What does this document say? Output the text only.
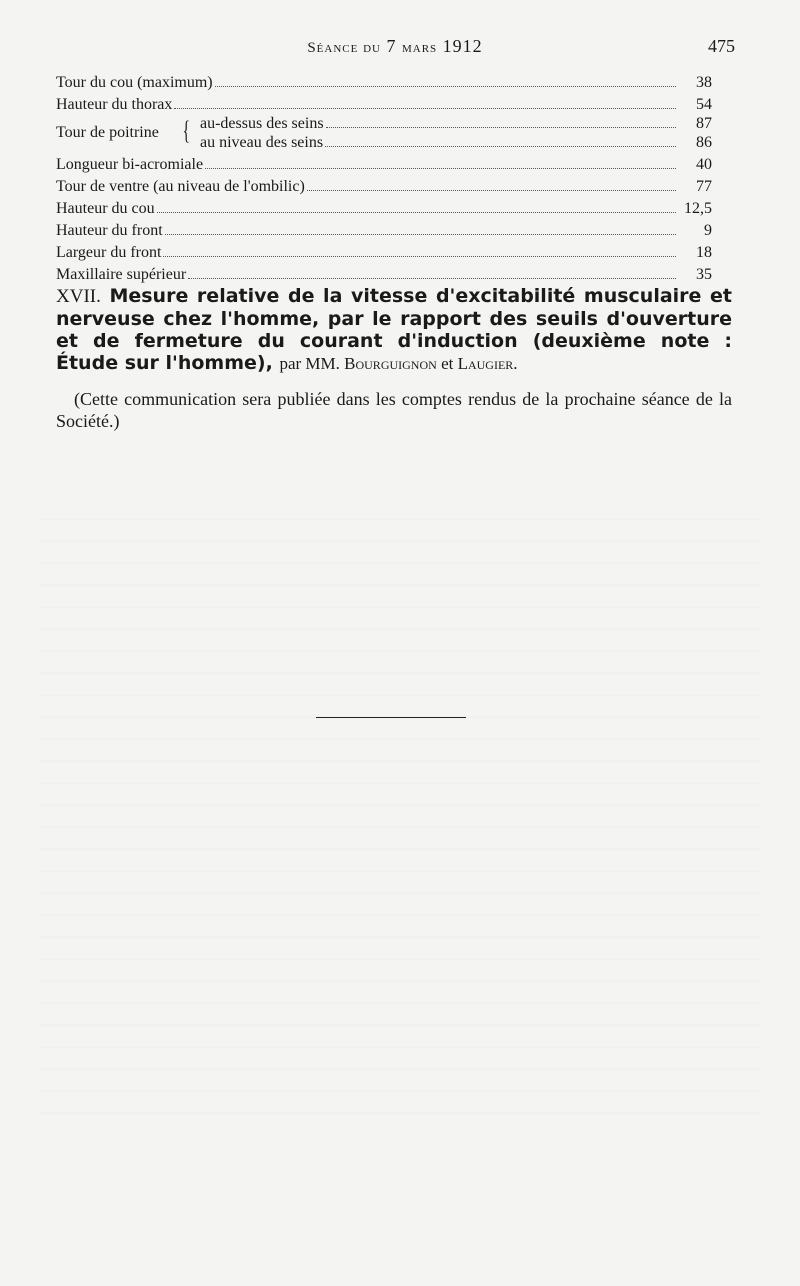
Séance du 7 mars 1912	475
Tour du cou (maximum)	38
Hauteur du thorax	54
Tour de poitrine { au-dessus des seins	87
au niveau des seins	86
Longueur bi-acromiale	40
Tour de ventre (au niveau de l'ombilic)	77
Hauteur du cou	12,5
Hauteur du front	9
Largeur du front	18
Maxillaire supérieur	35
XVII. Mesure relative de la vitesse d'excitabilité musculaire et nerveuse chez l'homme, par le rapport des seuils d'ouverture et de fermeture du courant d'induction (deuxième note : Étude sur l'homme), par MM. Bourguignon et Laugier.
(Cette communication sera publiée dans les comptes rendus de la prochaine séance de la Société.)
